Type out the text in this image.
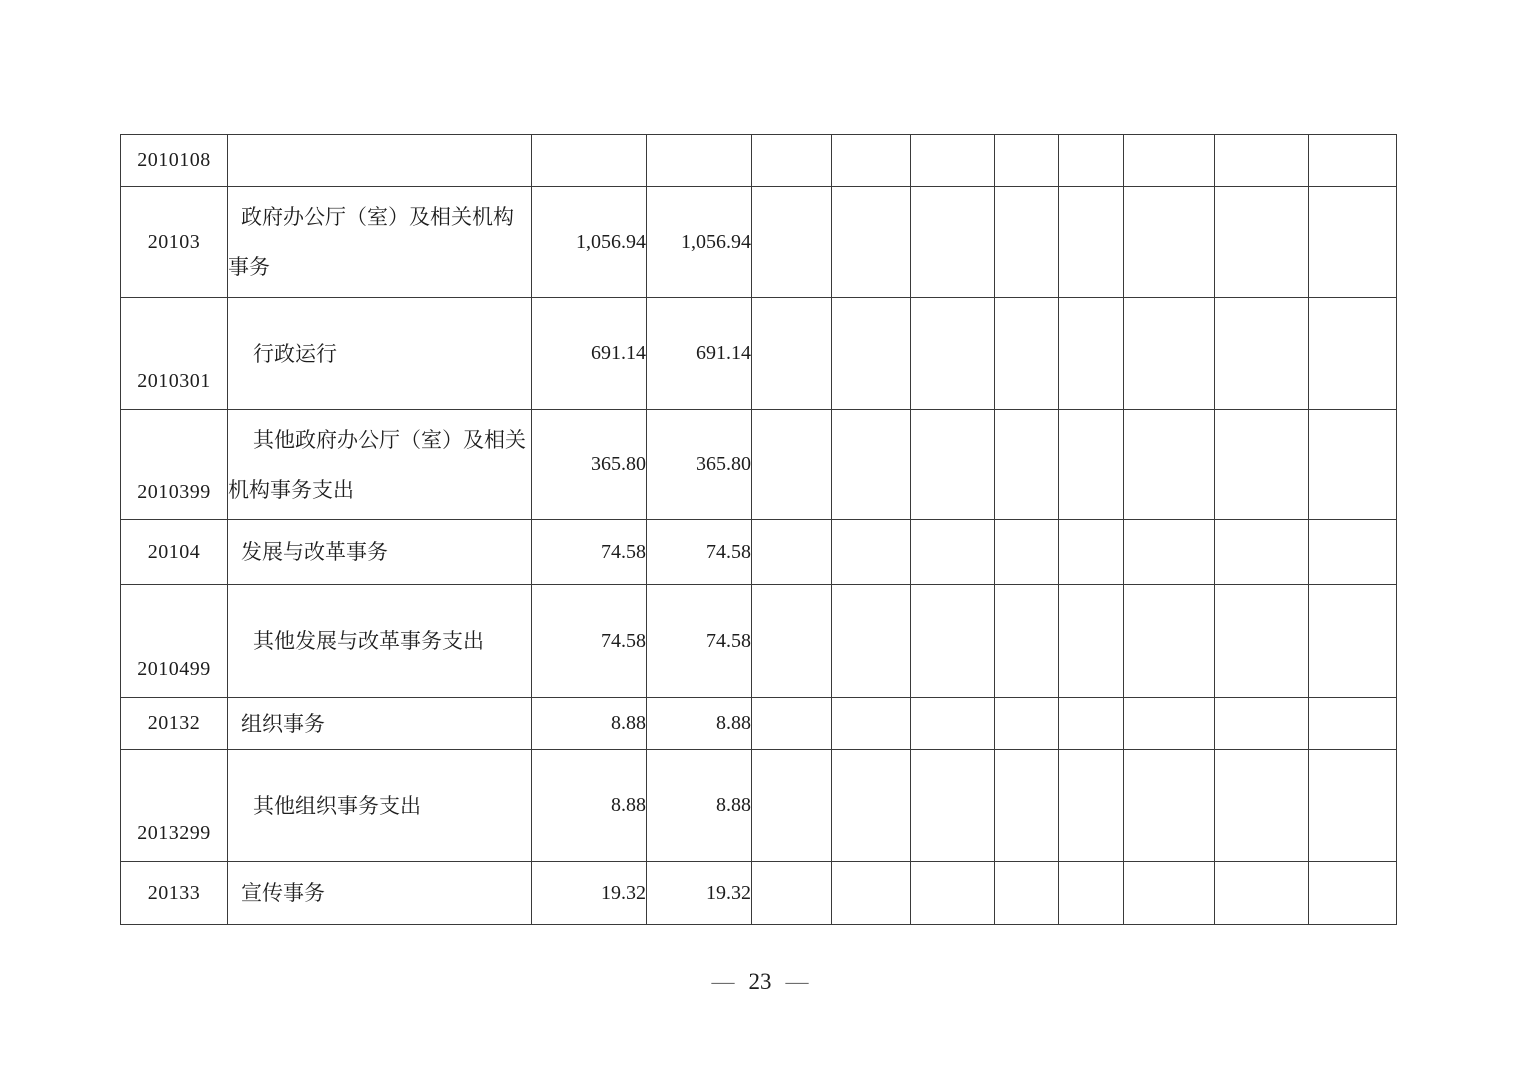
2010108											
20103	政府办公厅（室）及相关机构事务	1,056.94	1,056.94								
2010301	行政运行	691.14	691.14								
2010399	其他政府办公厅（室）及相关机构事务支出	365.80	365.80								
20104	发展与改革事务	74.58	74.58								
2010499	其他发展与改革事务支出	74.58	74.58								
20132	组织事务	8.88	8.88								
2013299	其他组织事务支出	8.88	8.88								
20133	宣传事务	19.32	19.32								
— 23 —
